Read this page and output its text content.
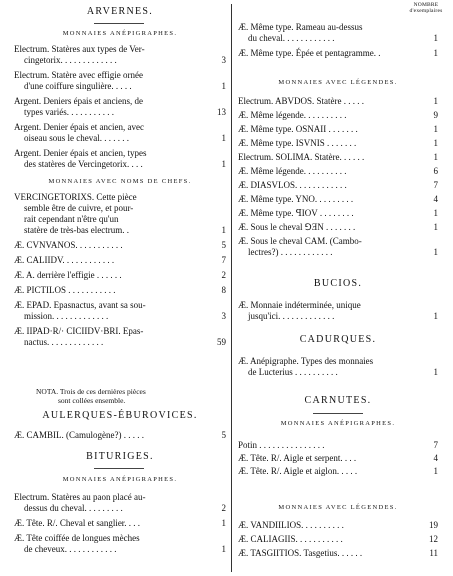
ARVERNES.
MONNAIES ANÉPIGRAPHES.
MONNAIES AVEC NOMS DE CHEFS.
NOTA. Trois de ces dernières pièces
sont collées ensemble.
AULERQUES-ÉBUROVICES.
BITURIGES.
MONNAIES ANÉPIGRAPHES.
Electrum. Statères aux types de Ver-
cingetorix. . . . . . . . . . . . .	3
Electrum. Statère avec effigie ornée
d'une coiffure singulière. . . . .	1
Argent. Deniers épais et anciens, de
types variés. . . . . . . . . . .	13
Argent. Denier épais et ancien, avec
oiseau sous le cheval. . . . . . .	1
Argent. Denier épais et ancien, types
des statères de Vercingetorix. . . .	1
VERCINGETORIXS. Cette pièce
semble être de cuivre, et pour-
rait cependant n'être qu'un
statère de très-bas electrum. .	1
Æ. CVNVANOS. . . . . . . . . . .	5
Æ. CALIIDV. . . . . . . . . . . .	7
Æ. A. derrière l'effigie . . . . . .	2
Æ. PICTILOS . . . . . . . . . . .	8
Æ. EPAD. Epasnactus, avant sa sou-
mission. . . . . . . . . . . . .	3
Æ. IIPAD·R/· CICIIDV·BRI. Epas-
nactus. . . . . . . . . . . . .	59
Æ. CAMBIL. (Camulogène?) . . . . .	5
Electrum. Statères au paon placé au-
dessus du cheval. . . . . . . . .	2
Æ. Tête. R/. Cheval et sanglier. . . .	1
Æ. Tête coiffée de longues mèches
de cheveux. . . . . . . . . . . .	1
NOMBRE
d'exemplaires
MONNAIES AVEC LÉGENDES.
BUCIOS.
CADURQUES.
CARNUTES.
MONNAIES ANÉPIGRAPHES.
MONNAIES AVEC LÉGENDES.
Æ. Même type. Rameau au-dessus
du cheval. . . . . . . . . . . .	1
Æ. Même type. Épée et pentagramme. .	1
Electrum. ABVDOS. Statère . . . . .	1
Æ. Même légende. . . . . . . . . .	9
Æ. Même type. OSNAII . . . . . . .	1
Æ. Même type. ISVNIS . . . . . . .	1
Electrum. SOLIMA. Statère. . . . . .	1
Æ. Même légende. . . . . . . . . .	6
Æ. DIASVLOS. . . . . . . . . . . .	7
Æ. Même type. YNO. . . . . . . . .	4
Æ. Même type. ꟼIOV . . . . . . . .	1
Æ. Sous le cheval ⅁ƎN . . . . . . .	1
Æ. Sous le cheval CAM. (Cambo-
lectres?) . . . . . . . . . . . .	1
Æ. Monnaie indéterminée, unique
jusqu'ici. . . . . . . . . . . . .	1
Æ. Anépigraphe. Types des monnaies
de Lucterius . . . . . . . . . .	1
Potin . . . . . . . . . . . . . . .	7
Æ. Tête. R/. Aigle et serpent. . . .	4
Æ. Tête. R/. Aigle et aiglon. . . . .	1
Æ. VANDIILIOS. . . . . . . . . .	19
Æ. CALIAGIIS. . . . . . . . . . .	12
Æ. TASGIITIOS. Tasgetius. . . . . .	11
